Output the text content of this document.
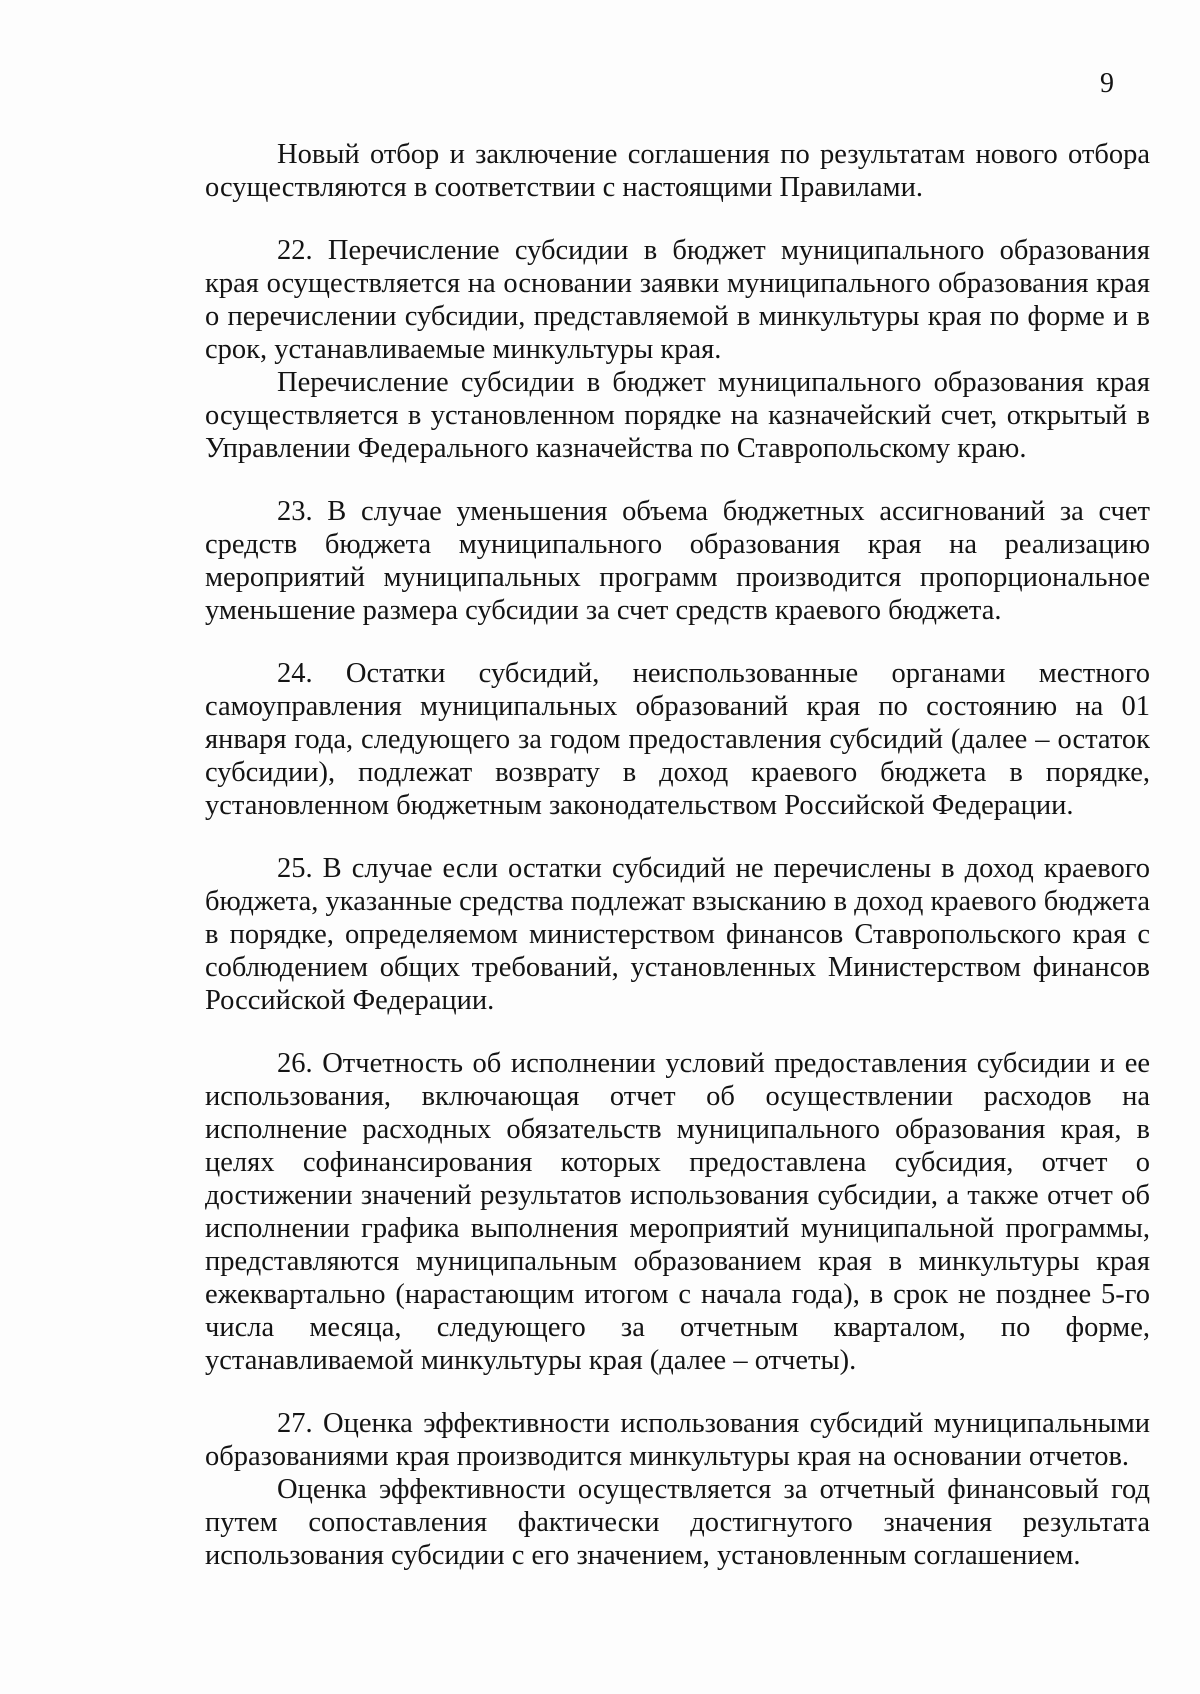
9

Новый отбор и заключение соглашения по результатам нового отбора осуществляются в соответствии с настоящими Правилами.

22. Перечисление субсидии в бюджет муниципального образования края осуществляется на основании заявки муниципального образования края о перечислении субсидии, представляемой в минкультуры края по форме и в срок, устанавливаемые минкультуры края.

Перечисление субсидии в бюджет муниципального образования края осуществляется в установленном порядке на казначейский счет, открытый в Управлении Федерального казначейства по Ставропольскому краю.

23. В случае уменьшения объема бюджетных ассигнований за счет средств бюджета муниципального образования края на реализацию мероприятий муниципальных программ производится пропорциональное уменьшение размера субсидии за счет средств краевого бюджета.

24. Остатки субсидий, неиспользованные органами местного самоуправления муниципальных образований края по состоянию на 01 января года, следующего за годом предоставления субсидий (далее – остаток субсидии), подлежат возврату в доход краевого бюджета в порядке, установленном бюджетным законодательством Российской Федерации.

25. В случае если остатки субсидий не перечислены в доход краевого бюджета, указанные средства подлежат взысканию в доход краевого бюджета в порядке, определяемом министерством финансов Ставропольского края с соблюдением общих требований, установленных Министерством финансов Российской Федерации.

26. Отчетность об исполнении условий предоставления субсидии и ее использования, включающая отчет об осуществлении расходов на исполнение расходных обязательств муниципального образования края, в целях софинансирования которых предоставлена субсидия, отчет о достижении значений результатов использования субсидии, а также отчет об исполнении графика выполнения мероприятий муниципальной программы, представляются муниципальным образованием края в минкультуры края ежеквартально (нарастающим итогом с начала года), в срок не позднее 5-го числа месяца, следующего за отчетным кварталом, по форме, устанавливаемой минкультуры края (далее – отчеты).

27. Оценка эффективности использования субсидий муниципальными образованиями края производится минкультуры края на основании отчетов.

Оценка эффективности осуществляется за отчетный финансовый год путем сопоставления фактически достигнутого значения результата использования субсидии с его значением, установленным соглашением.
